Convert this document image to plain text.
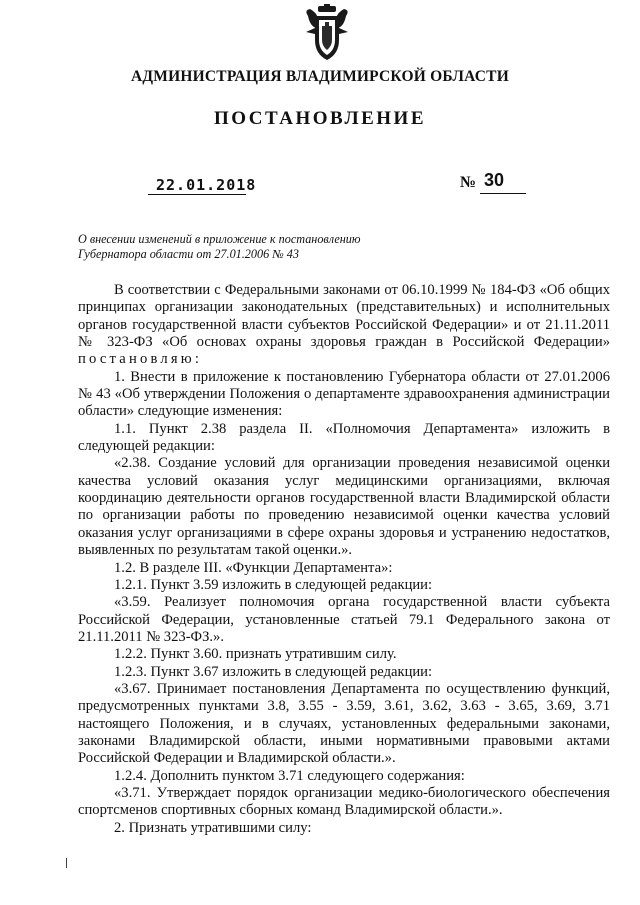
АДМИНИСТРАЦИЯ ВЛАДИМИРСКОЙ ОБЛАСТИ
ПОСТАНОВЛЕНИЕ
22.01.2018	№ 30
О внесении изменений в приложение к постановлению
Губернатора области от 27.01.2006 № 43

В соответствии с Федеральными законами от 06.10.1999 № 184-ФЗ «Об общих принципах организации законодательных (представительных) и исполнительных органов государственной власти субъектов Российской Федерации» и от 21.11.2011 № 323-ФЗ «Об основах охраны здоровья граждан в Российской Федерации» постановляю:

1. Внести в приложение к постановлению Губернатора области от 27.01.2006 № 43 «Об утверждении Положения о департаменте здравоохранения администрации области» следующие изменения:

1.1. Пункт 2.38 раздела II. «Полномочия Департамента» изложить в следующей редакции:

«2.38. Создание условий для организации проведения независимой оценки качества условий оказания услуг медицинскими организациями, включая координацию деятельности органов государственной власти Владимирской области по организации работы по проведению независимой оценки качества условий оказания услуг организациями в сфере охраны здоровья и устранению недостатков, выявленных по результатам такой оценки.».

1.2. В разделе III. «Функции Департамента»:

1.2.1. Пункт 3.59 изложить в следующей редакции:

«3.59. Реализует полномочия органа государственной власти субъекта Российской Федерации, установленные статьей 79.1 Федерального закона от 21.11.2011 № 323-ФЗ.».

1.2.2. Пункт 3.60. признать утратившим силу.

1.2.3. Пункт 3.67 изложить в следующей редакции:

«3.67. Принимает постановления Департамента по осуществлению функций, предусмотренных пунктами 3.8, 3.55 - 3.59, 3.61, 3.62, 3.63 - 3.65, 3.69, 3.71 настоящего Положения, и в случаях, установленных федеральными законами, законами Владимирской области, иными нормативными правовыми актами Российской Федерации и Владимирской области.».

1.2.4. Дополнить пунктом 3.71 следующего содержания:

«3.71. Утверждает порядок организации медико-биологического обеспечения спортсменов спортивных сборных команд Владимирской области.».

2. Признать утратившими силу:
